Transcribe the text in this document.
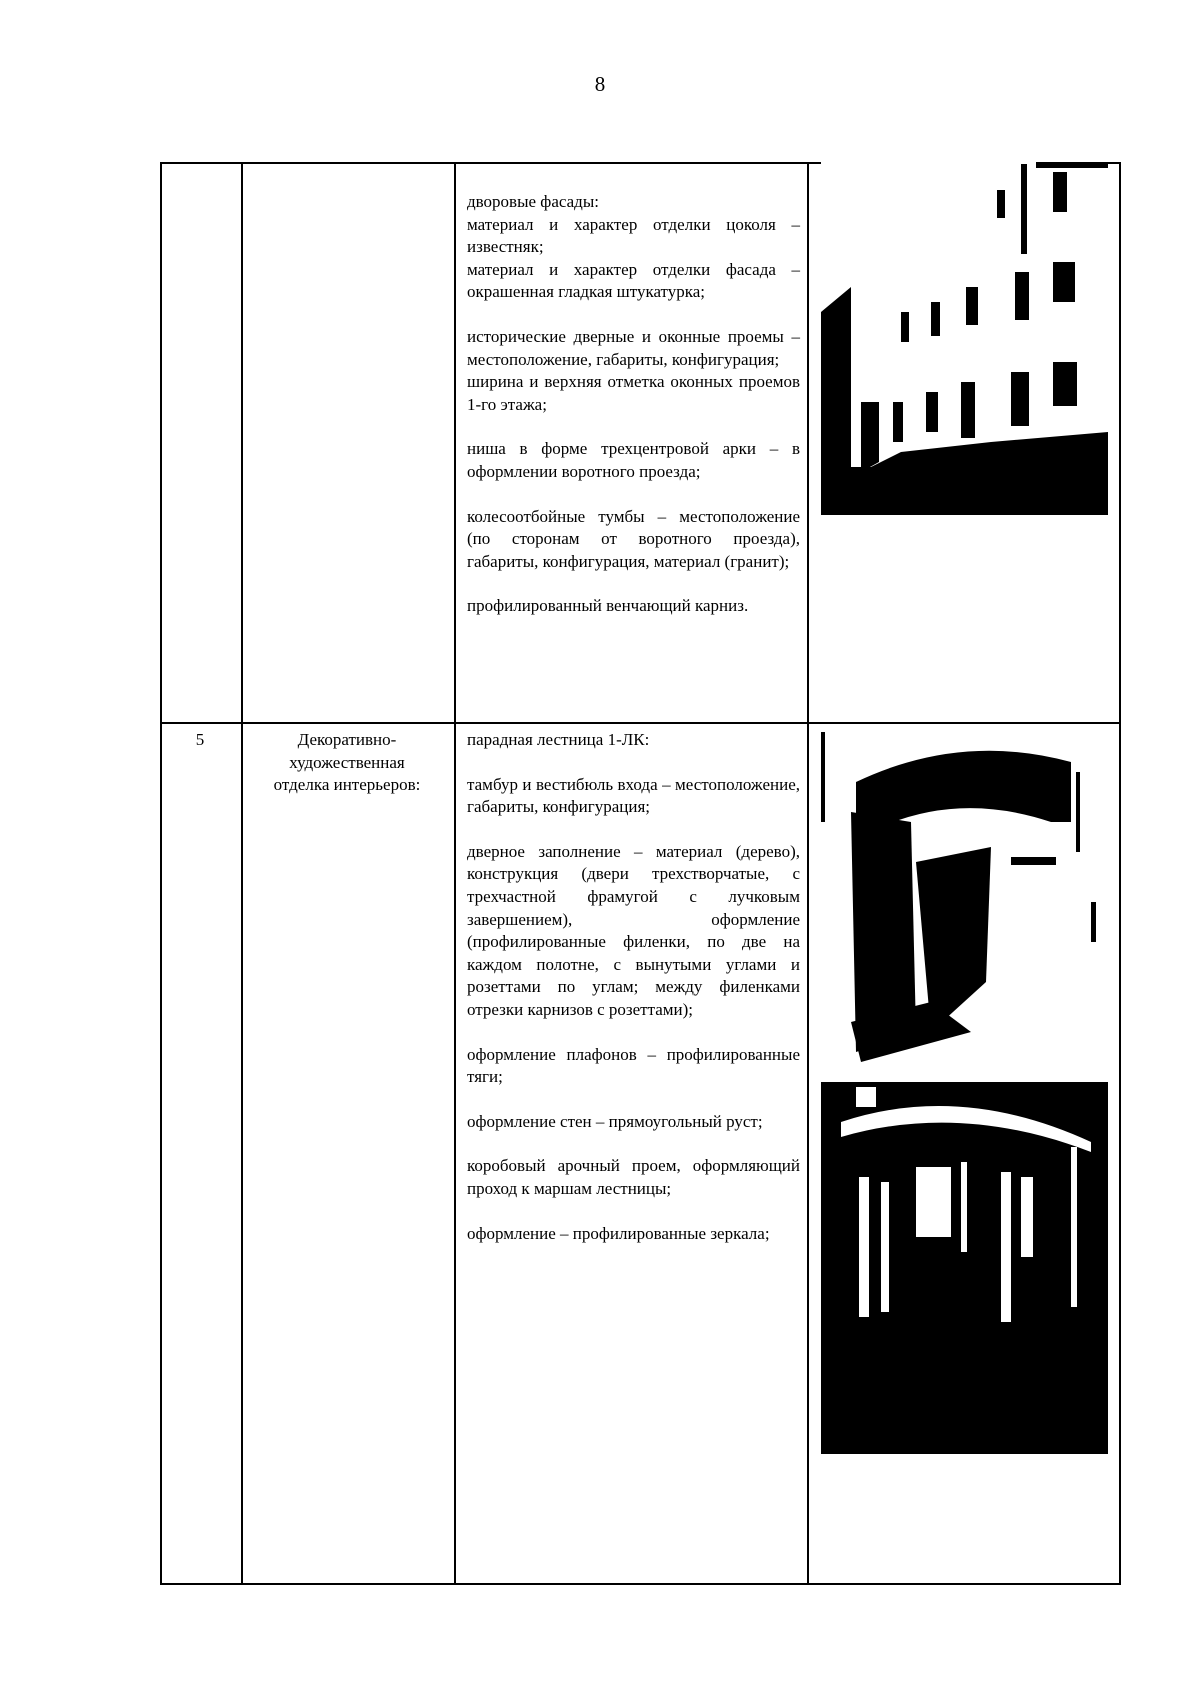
8

дворовые фасады:

материал и характер отделки цоколя – известняк;

материал и характер отделки фасада – окрашенная гладкая штукатурка;

исторические дверные и оконные проемы – местоположение, габариты, конфигурация;

ширина и верхняя отметка оконных проемов 1-го этажа;

ниша в форме трехцентровой арки – в оформлении воротного проезда;

колесоотбойные тумбы – местоположение (по сторонам от воротного проезда), габариты, конфигурация, материал (гранит);

профилированный венчающий карниз.

5	Декоративно-
художественная
отделка интерьеров:

парадная лестница 1-ЛК:

тамбур и вестибюль входа – местоположение, габариты, конфигурация;

дверное заполнение – материал (дерево), конструкция (двери трехстворчатые, с трехчастной фрамугой с лучковым завершением), оформление (профилированные филенки, по две на каждом полотне, с вынутыми углами и розеттами по углам; между филенками отрезки карнизов с розеттами);

оформление плафонов – профилированные тяги;

оформление стен – прямоугольный руст;

коробовый арочный проем, оформляющий проход к маршам лестницы;

оформление – профилированные зеркала;
